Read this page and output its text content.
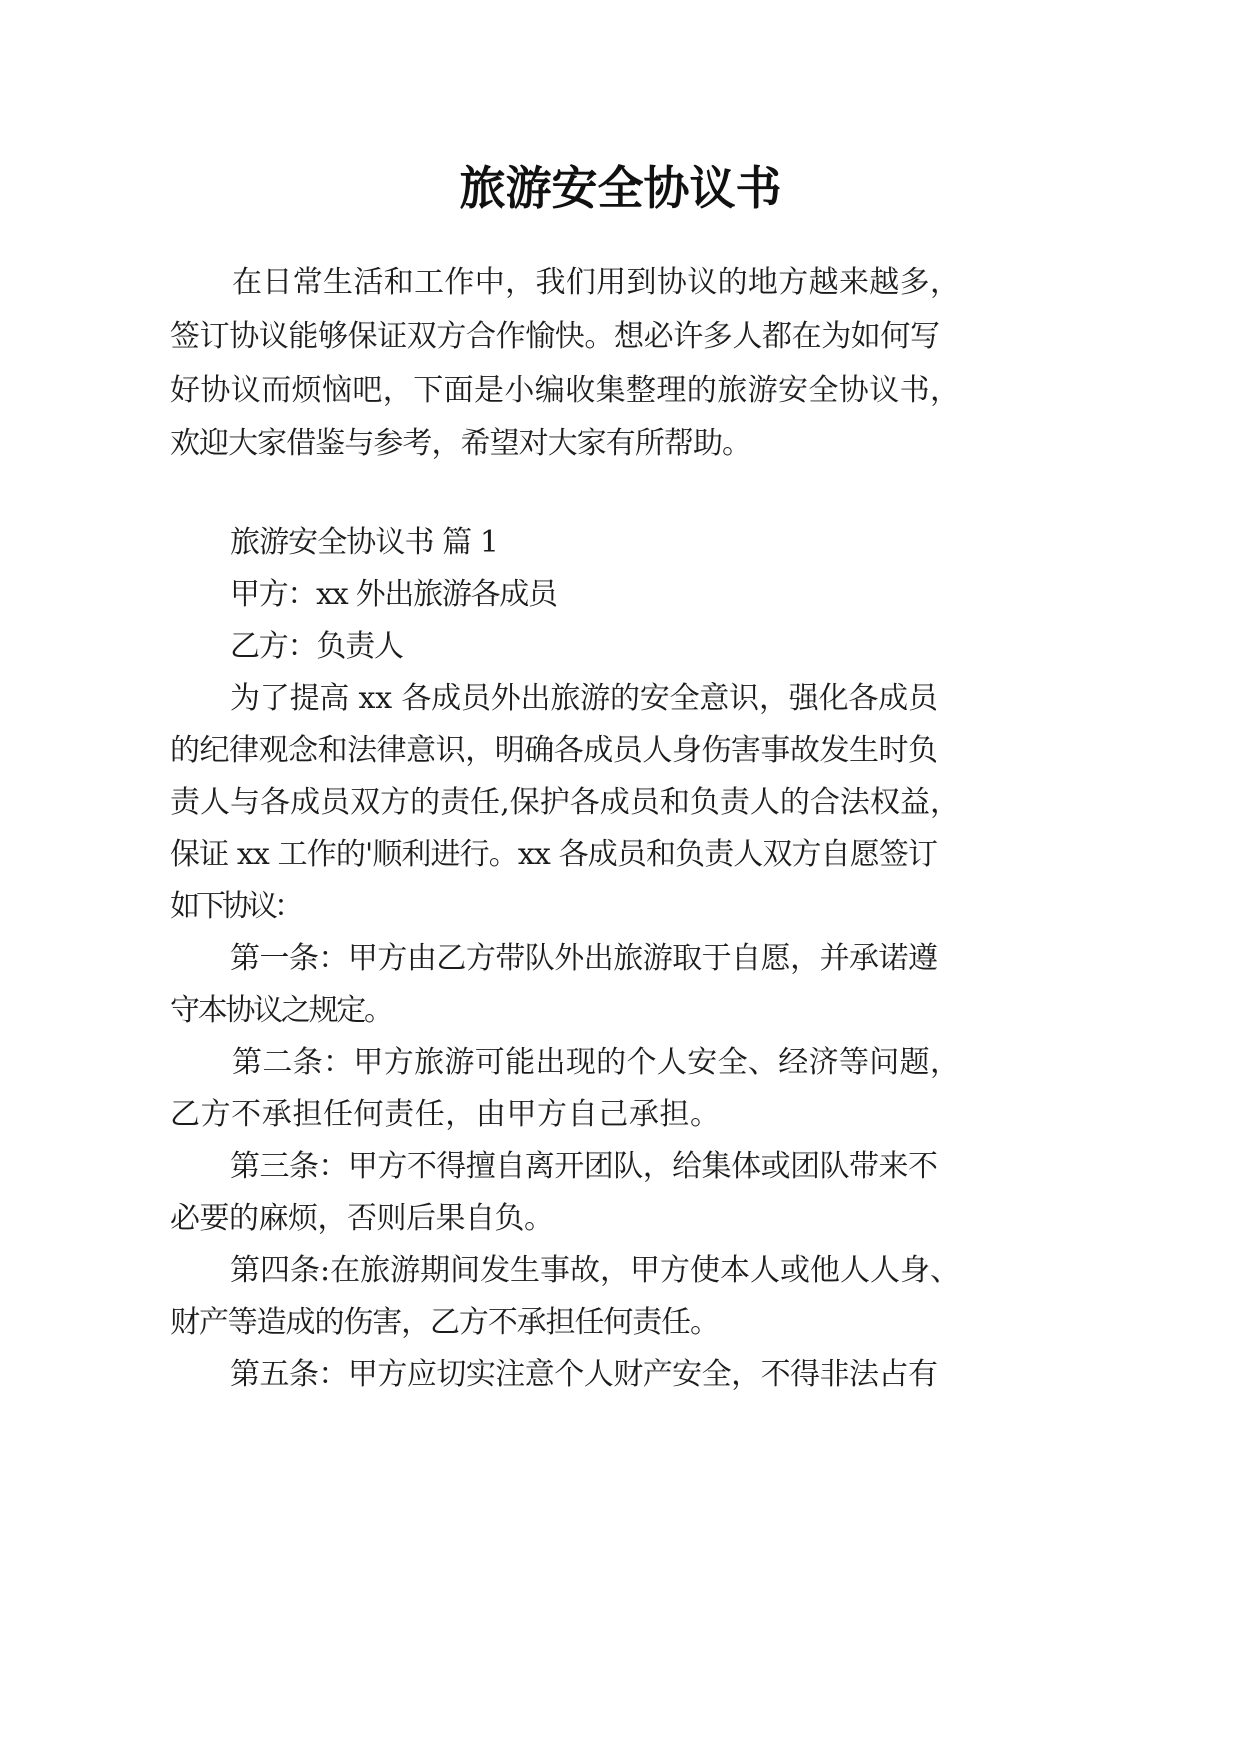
旅游安全协议书
在日常生活和工作中，我们用到协议的地方越来越多，
签订协议能够保证双方合作愉快。想必许多人都在为如何写
好协议而烦恼吧，下面是小编收集整理的旅游安全协议书，
欢迎大家借鉴与参考，希望对大家有所帮助。
旅游安全协议书 篇 1
甲方：xx 外出旅游各成员
乙方：负责人
为了提高 xx 各成员外出旅游的安全意识，强化各成员
的纪律观念和法律意识，明确各成员人身伤害事故发生时负
责人与各成员双方的责任,保护各成员和负责人的合法权益，
保证 xx 工作的'顺利进行。xx 各成员和负责人双方自愿签订
如下协议：
第一条：甲方由乙方带队外出旅游取于自愿，并承诺遵
守本协议之规定。
第二条：甲方旅游可能出现的个人安全、经济等问题，
乙方不承担任何责任，由甲方自己承担。
第三条：甲方不得擅自离开团队，给集体或团队带来不
必要的麻烦，否则后果自负。
第四条:在旅游期间发生事故，甲方使本人或他人人身、
财产等造成的伤害，乙方不承担任何责任。
第五条：甲方应切实注意个人财产安全，不得非法占有
